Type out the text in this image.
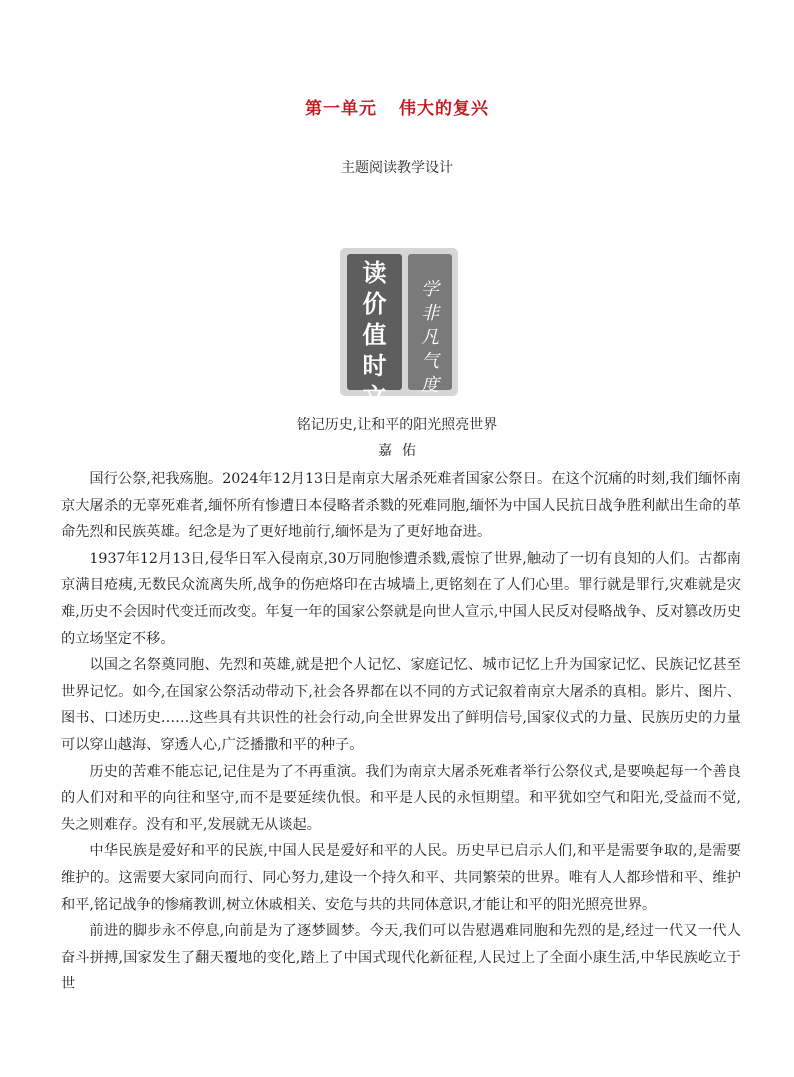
第一单元 伟大的复兴
主题阅读教学设计
读
价
值
时
文
学
非
凡
气
度
铭记历史,让和平的阳光照亮世界
嘉佑

国行公祭,祀我殇胞。2024年12月13日是南京大屠杀死难者国家公祭日。在这个沉痛的时刻,我们缅怀南京大屠杀的无辜死难者,缅怀所有惨遭日本侵略者杀戮的死难同胞,缅怀为中国人民抗日战争胜利献出生命的革命先烈和民族英雄。纪念是为了更好地前行,缅怀是为了更好地奋进。

1937年12月13日,侵华日军入侵南京,30万同胞惨遭杀戮,震惊了世界,触动了一切有良知的人们。古都南京满目疮痍,无数民众流离失所,战争的伤疤烙印在古城墙上,更铭刻在了人们心里。罪行就是罪行,灾难就是灾难,历史不会因时代变迁而改变。年复一年的国家公祭就是向世人宣示,中国人民反对侵略战争、反对篡改历史的立场坚定不移。

以国之名祭奠同胞、先烈和英雄,就是把个人记忆、家庭记忆、城市记忆上升为国家记忆、民族记忆甚至世界记忆。如今,在国家公祭活动带动下,社会各界都在以不同的方式记叙着南京大屠杀的真相。影片、图片、图书、口述历史……这些具有共识性的社会行动,向全世界发出了鲜明信号,国家仪式的力量、民族历史的力量可以穿山越海、穿透人心,广泛播撒和平的种子。

历史的苦难不能忘记,记住是为了不再重演。我们为南京大屠杀死难者举行公祭仪式,是要唤起每一个善良的人们对和平的向往和坚守,而不是要延续仇恨。和平是人民的永恒期望。和平犹如空气和阳光,受益而不觉,失之则难存。没有和平,发展就无从谈起。

中华民族是爱好和平的民族,中国人民是爱好和平的人民。历史早已启示人们,和平是需要争取的,是需要维护的。这需要大家同向而行、同心努力,建设一个持久和平、共同繁荣的世界。唯有人人都珍惜和平、维护和平,铭记战争的惨痛教训,树立休戚相关、安危与共的共同体意识,才能让和平的阳光照亮世界。

前进的脚步永不停息,向前是为了逐梦圆梦。今天,我们可以告慰遇难同胞和先烈的是,经过一代又一代人奋斗拼搏,国家发生了翻天覆地的变化,踏上了中国式现代化新征程,人民过上了全面小康生活,中华民族屹立于世
